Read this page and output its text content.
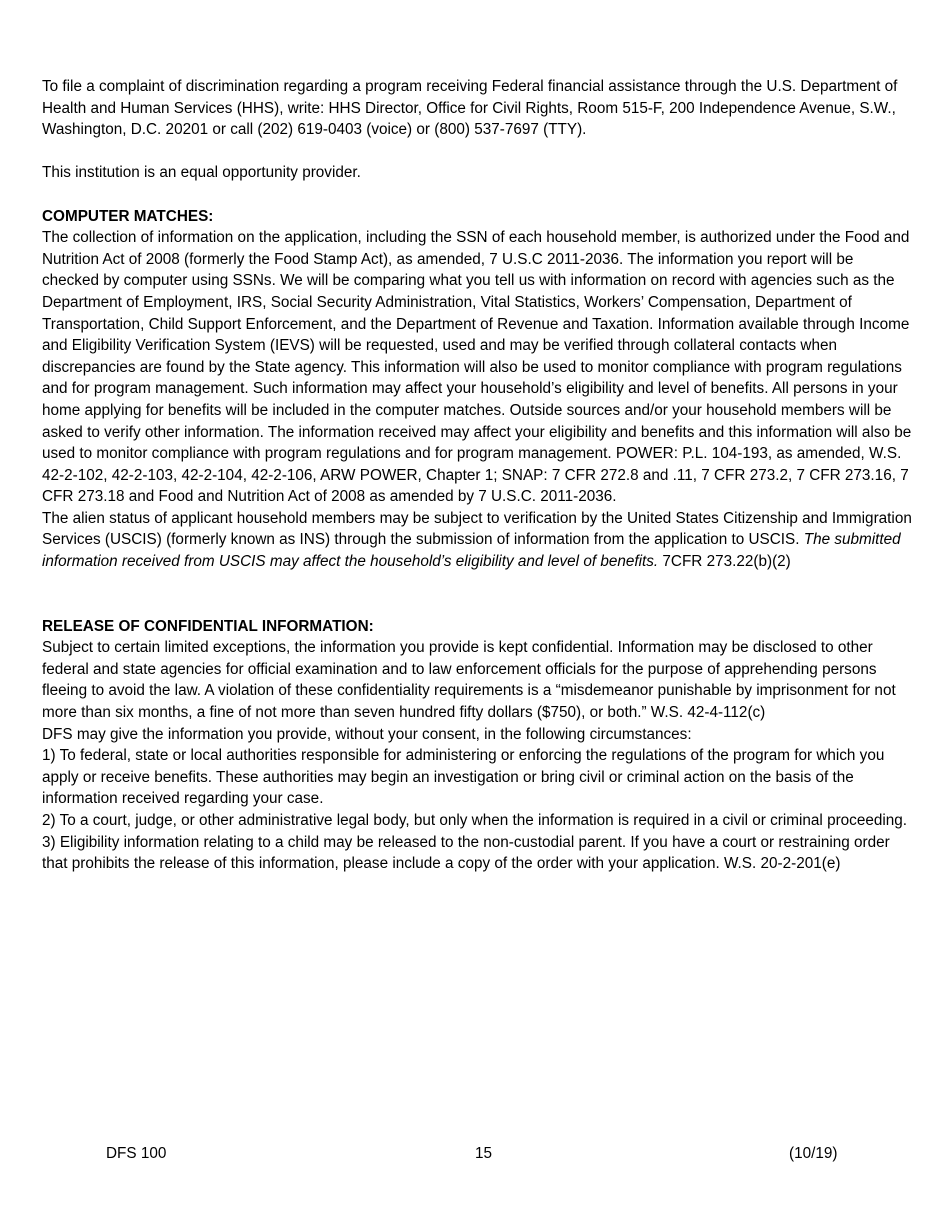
To file a complaint of discrimination regarding a program receiving Federal financial assistance through the U.S. Department of Health and Human Services (HHS), write: HHS Director, Office for Civil Rights, Room 515-F, 200 Independence Avenue, S.W., Washington, D.C. 20201 or call (202) 619-0403 (voice) or (800) 537-7697 (TTY).

This institution is an equal opportunity provider.

COMPUTER MATCHES:

The collection of information on the application, including the SSN of each household member, is authorized under the Food and Nutrition Act of 2008 (formerly the Food Stamp Act), as amended, 7 U.S.C 2011-2036. The information you report will be checked by computer using SSNs. We will be comparing what you tell us with information on record with agencies such as the Department of Employment, IRS, Social Security Administration, Vital Statistics, Workers’ Compensation, Department of Transportation, Child Support Enforcement, and the Department of Revenue and Taxation. Information available through Income and Eligibility Verification System (IEVS) will be requested, used and may be verified through collateral contacts when discrepancies are found by the State agency. This information will also be used to monitor compliance with program regulations and for program management. Such information may affect your household’s eligibility and level of benefits. All persons in your home applying for benefits will be included in the computer matches. Outside sources and/or your household members will be asked to verify other information. The information received may affect your eligibility and benefits and this information will also be used to monitor compliance with program regulations and for program management. POWER: P.L. 104-193, as amended, W.S. 42-2-102, 42-2-103, 42-2-104, 42-2-106, ARW POWER, Chapter 1; SNAP: 7 CFR 272.8 and .11, 7 CFR 273.2, 7 CFR 273.16, 7 CFR 273.18 and Food and Nutrition Act of 2008 as amended by 7 U.S.C. 2011-2036.

The alien status of applicant household members may be subject to verification by the United States Citizenship and Immigration Services (USCIS) (formerly known as INS) through the submission of information from the application to USCIS. The submitted information received from USCIS may affect the household’s eligibility and level of benefits. 7CFR 273.22(b)(2)

RELEASE OF CONFIDENTIAL INFORMATION:

Subject to certain limited exceptions, the information you provide is kept confidential. Information may be disclosed to other federal and state agencies for official examination and to law enforcement officials for the purpose of apprehending persons fleeing to avoid the law. A violation of these confidentiality requirements is a “misdemeanor punishable by imprisonment for not more than six months, a fine of not more than seven hundred fifty dollars ($750), or both.” W.S. 42-4-112(c)

DFS may give the information you provide, without your consent, in the following circumstances:

1) To federal, state or local authorities responsible for administering or enforcing the regulations of the program for which you apply or receive benefits. These authorities may begin an investigation or bring civil or criminal action on the basis of the information received regarding your case.

2) To a court, judge, or other administrative legal body, but only when the information is required in a civil or criminal proceeding.

3) Eligibility information relating to a child may be released to the non-custodial parent. If you have a court or restraining order that prohibits the release of this information, please include a copy of the order with your application. W.S. 20-2-201(e)

DFS 100	15	(10/19)
